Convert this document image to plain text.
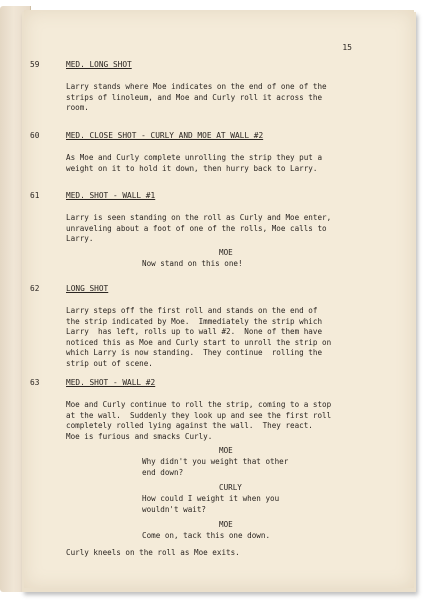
15
59	MED. LONG SHOT
Larry stands where Moe indicates on the end of one of the
strips of linoleum, and Moe and Curly roll it across the
room.
60	MED. CLOSE SHOT - CURLY AND MOE AT WALL #2
As Moe and Curly complete unrolling the strip they put a
weight on it to hold it down, then hurry back to Larry.
61	MED. SHOT - WALL #1
Larry is seen standing on the roll as Curly and Moe enter,
unraveling about a foot of one of the rolls, Moe calls to
Larry.
MOE
Now stand on this one!
62	LONG SHOT
Larry steps off the first roll and stands on the end of
the strip indicated by Moe.  Immediately the strip which
Larry  has left, rolls up to wall #2.  None of them have
noticed this as Moe and Curly start to unroll the strip on
which Larry is now standing.  They continue  rolling the
strip out of scene.
63	MED. SHOT - WALL #2
Moe and Curly continue to roll the strip, coming to a stop
at the wall.  Suddenly they look up and see the first roll
completely rolled lying against the wall.  They react.
Moe is furious and smacks Curly.
MOE
Why didn't you weight that other
end down?
CURLY
How could I weight it when you
wouldn't wait?
MOE
Come on, tack this one down.
Curly kneels on the roll as Moe exits.
